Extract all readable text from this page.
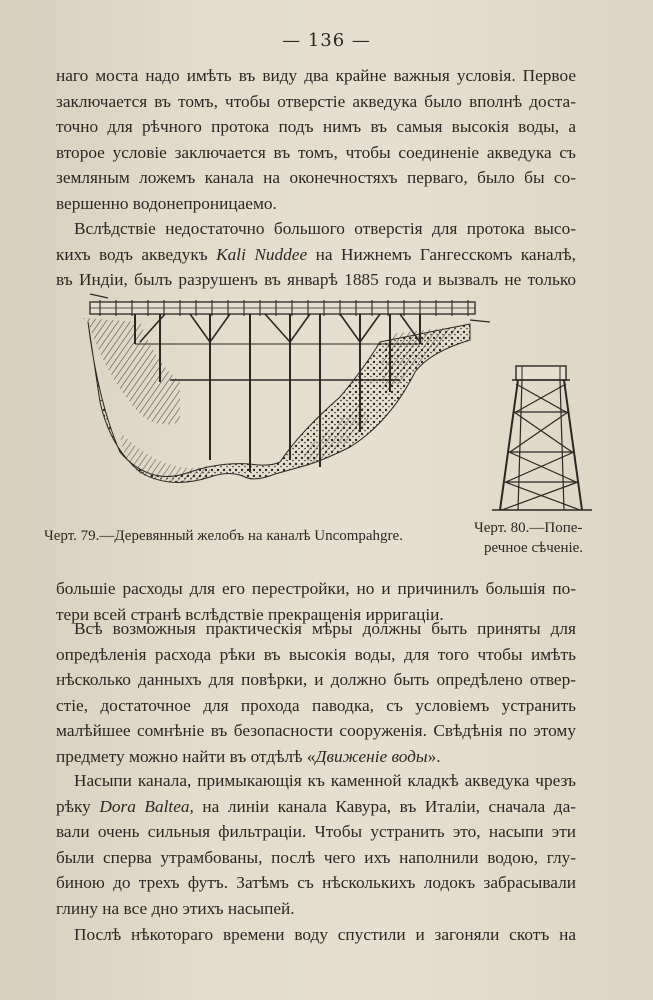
— 136 —
наго моста надо имѣть въ виду два крайне важныя условія. Первое
заключается въ томъ, чтобы отверстіе акведука было вполнѣ доста-
точно для рѣчного протока подъ нимъ въ самыя высокія воды, а
второе условіе заключается въ томъ, чтобы соединеніе акведука съ
земляным ложемъ канала на оконечностяхъ перваго, было бы со-
вершенно водонепроницаемо.
Вслѣдствіе недостаточно большого отверстія для протока высо-
кихъ водъ акведукъ Kali Nuddee на Нижнемъ Гангесскомъ каналѣ,
въ Индіи, былъ разрушенъ въ январѣ 1885 года и вызвалъ не только
Черт. 79.—Деревянный желобъ на каналѣ Uncompahgre.	Черт. 80.—Попе-
речное сѣченіе.
большіе расходы для его перестройки, но и причинилъ большія по-
тери всей странѣ вслѣдствіе прекращенія ирригаціи.
Всѣ возможныя практическія мѣры должны быть приняты для
опредѣленія расхода рѣки въ высокія воды, для того чтобы имѣть
нѣсколько данныхъ для повѣрки, и должно быть опредѣлено отвер-
стіе, достаточное для прохода паводка, съ условіемъ устранить
малѣйшее сомнѣніе въ безопасности сооруженія. Свѣдѣнія по этому
предмету можно найти въ отдѣлѣ «Движеніе воды».
Насыпи канала, примыкающія къ каменной кладкѣ акведука чрезъ
рѣку Dora Baltea, на линіи канала Кавура, въ Италіи, сначала да-
вали очень сильныя фильтраціи. Чтобы устранить это, насыпи эти
были сперва утрамбованы, послѣ чего ихъ наполнили водою, глу-
биною до трехъ футъ. Затѣмъ съ нѣсколькихъ лодокъ забрасывали
глину на все дно этихъ насыпей.
Послѣ нѣкотораго времени воду спустили и загоняли скотъ на
